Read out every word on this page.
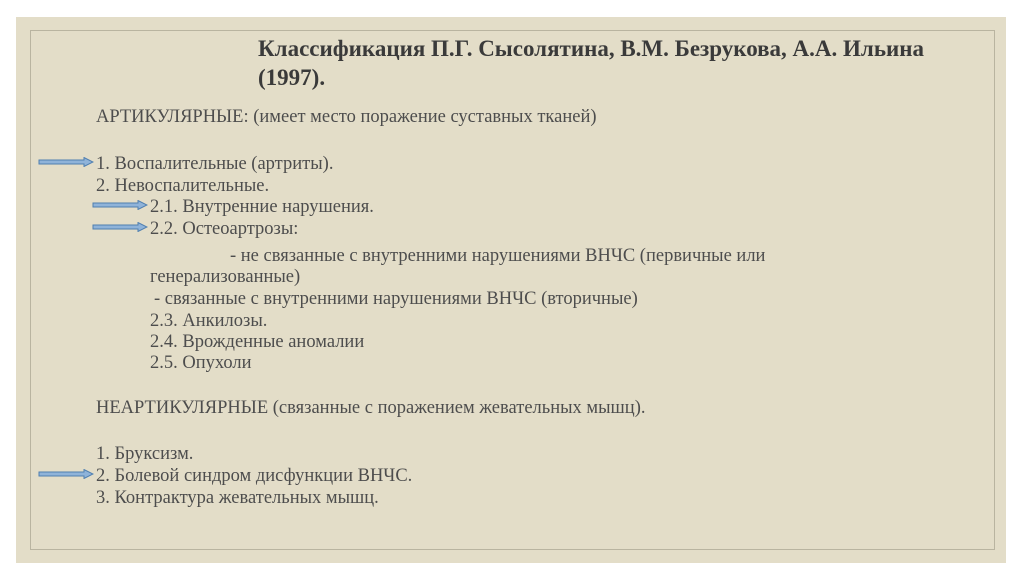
Классификация П.Г. Сысолятина, В.М. Безрукова, А.А. Ильина (1997).
АРТИКУЛЯРНЫЕ: (имеет место поражение суставных тканей)
1. Воспалительные (артриты).
2. Невоспалительные.
2.1. Внутренние нарушения.
2.2. Остеоартрозы:
- не связанные с внутренними нарушениями ВНЧС (первичные или
генерализованные)
- связанные с внутренними нарушениями ВНЧС (вторичные)
2.3. Анкилозы.
2.4. Врожденные аномалии
2.5. Опухоли
НЕАРТИКУЛЯРНЫЕ (связанные с поражением жевательных мышц).
1. Бруксизм.
2. Болевой синдром дисфункции ВНЧС.
3. Контрактура жевательных мышц.
